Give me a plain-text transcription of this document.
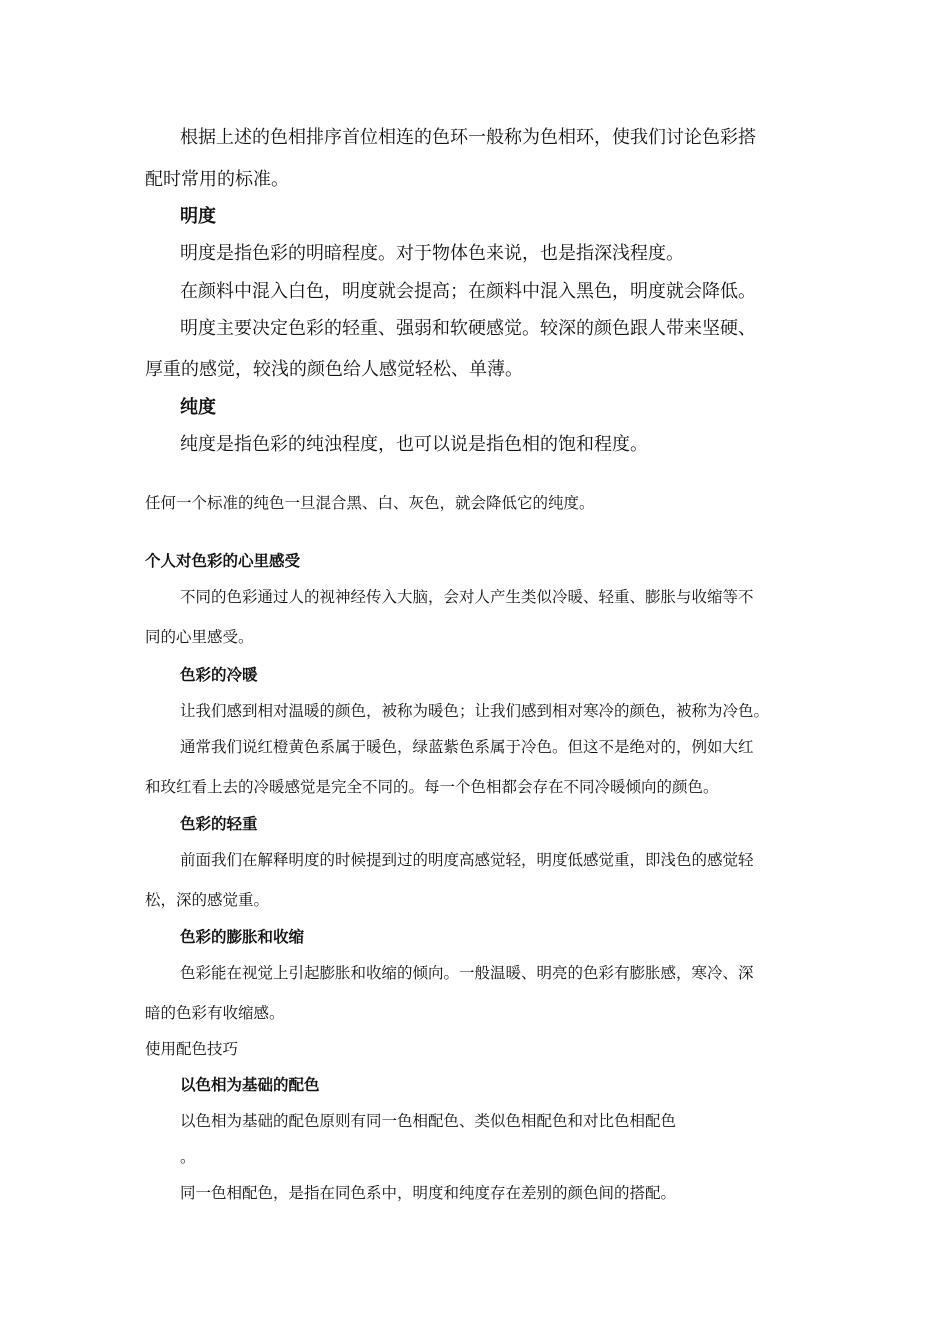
根据上述的色相排序首位相连的色环一般称为色相环，使我们讨论色彩搭

配时常用的标准。

明度

明度是指色彩的明暗程度。对于物体色来说，也是指深浅程度。

在颜料中混入白色，明度就会提高；在颜料中混入黑色，明度就会降低。

明度主要决定色彩的轻重、强弱和软硬感觉。较深的颜色跟人带来坚硬、

厚重的感觉，较浅的颜色给人感觉轻松、单薄。

纯度

纯度是指色彩的纯浊程度，也可以说是指色相的饱和程度。

任何一个标准的纯色一旦混合黑、白、灰色，就会降低它的纯度。

个人对色彩的心里感受

不同的色彩通过人的视神经传入大脑，会对人产生类似冷暖、轻重、膨胀与收缩等不

同的心里感受。

色彩的冷暖

让我们感到相对温暖的颜色，被称为暖色；让我们感到相对寒冷的颜色，被称为冷色。

通常我们说红橙黄色系属于暖色，绿蓝紫色系属于冷色。但这不是绝对的，例如大红

和玫红看上去的冷暖感觉是完全不同的。每一个色相都会存在不同冷暖倾向的颜色。

色彩的轻重

前面我们在解释明度的时候提到过的明度高感觉轻，明度低感觉重，即浅色的感觉轻

松，深的感觉重。

色彩的膨胀和收缩

色彩能在视觉上引起膨胀和收缩的倾向。一般温暖、明亮的色彩有膨胀感，寒冷、深

暗的色彩有收缩感。

使用配色技巧

以色相为基础的配色

以色相为基础的配色原则有同一色相配色、类似色相配色和对比色相配色

。

同一色相配色，是指在同色系中，明度和纯度存在差别的颜色间的搭配。
